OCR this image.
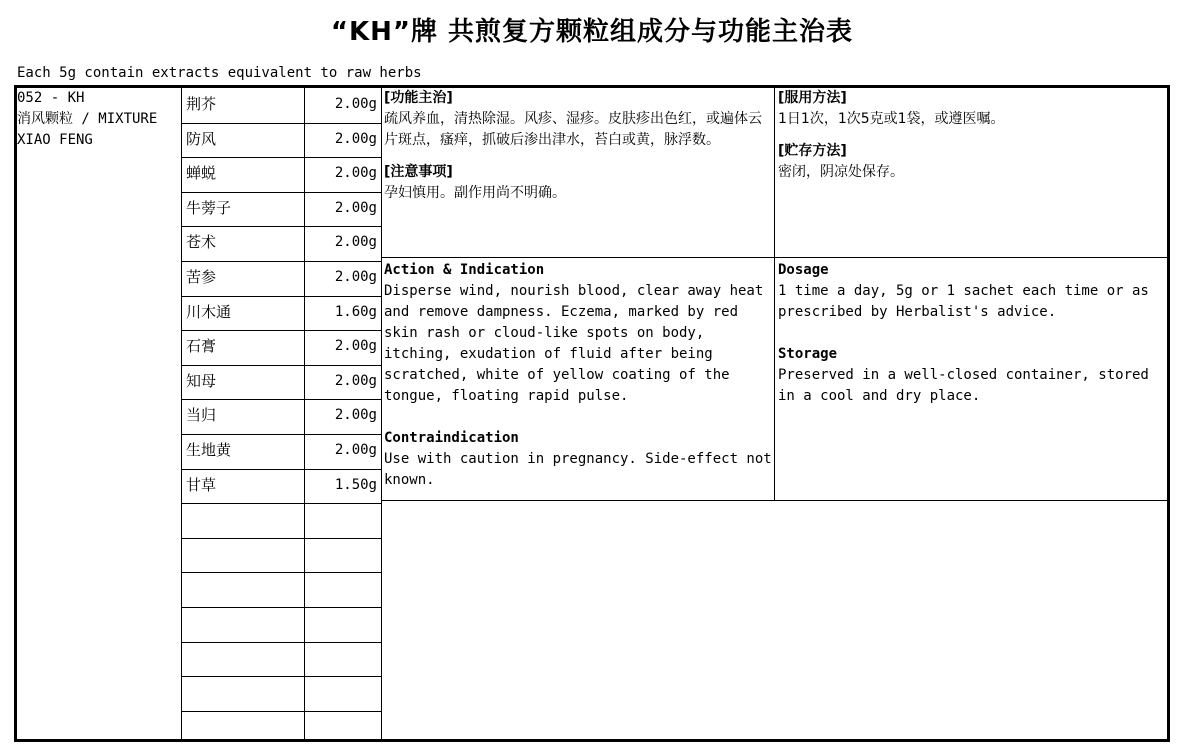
“KH”牌 共煎复方颗粒组成分与功能主治表
Each 5g contain extracts equivalent to raw herbs
052 - KH
消风颗粒 / MIXTURE
XIAO FENG
荆芥	2.00g
防风	2.00g
蝉蜕	2.00g
牛蒡子	2.00g
苍术	2.00g
苦参	2.00g
川木通	1.60g
石膏	2.00g
知母	2.00g
当归	2.00g
生地黄	2.00g
甘草	1.50g
[功能主治]
疏风养血，清热除湿。风疹、湿疹。皮肤疹出色红，或遍体云片斑点，瘙痒，抓破后渗出津水，苔白或黄，脉浮数。
[注意事项]
孕妇慎用。副作用尚不明确。
[服用方法]
1日1次，1次5克或1袋，或遵医嘱。
[贮存方法]
密闭，阴凉处保存。
Action & Indication
Disperse wind, nourish blood, clear away heat and remove dampness. Eczema, marked by red skin rash or cloud-like spots on body, itching, exudation of fluid after being scratched, white of yellow coating of the tongue, floating rapid pulse.
Contraindication
Use with caution in pregnancy. Side-effect not known.
Dosage
1 time a day, 5g or 1 sachet each time or as prescribed by Herbalist's advice.
Storage
Preserved in a well-closed container, stored in a cool and dry place.
